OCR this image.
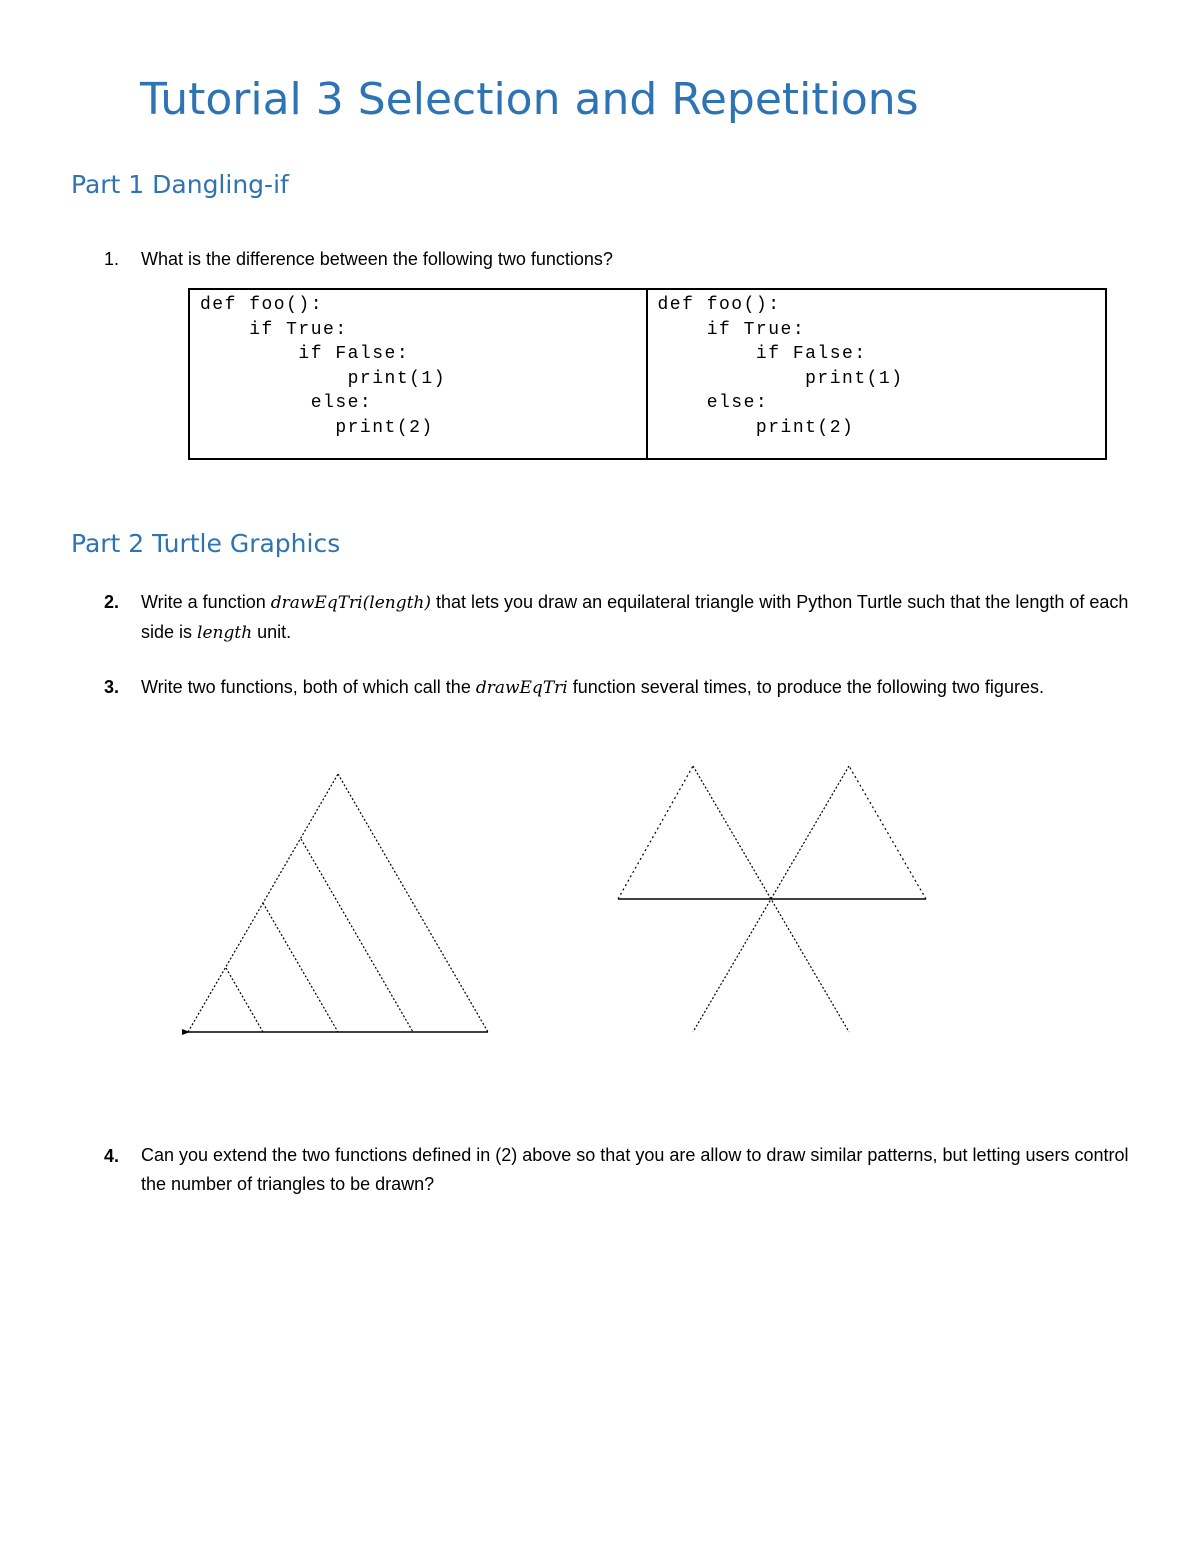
Tutorial 3 Selection and Repetitions
Part 1 Dangling-if
1. What is the difference between the following two functions?

def foo():
if True:
if False:
print(1)
else:
print(2)
def foo():
if True:
if False:
print(1)
else:
print(2)
Part 2 Turtle Graphics
2. Write a function drawEqTri(length) that lets you draw an equilateral triangle with Python Turtle such that the length of each side is length unit.

3. Write two functions, both of which call the drawEqTri function several times, to produce the following two figures.

4. Can you extend the two functions defined in (2) above so that you are allow to draw similar patterns, but letting users control the number of triangles to be drawn?
